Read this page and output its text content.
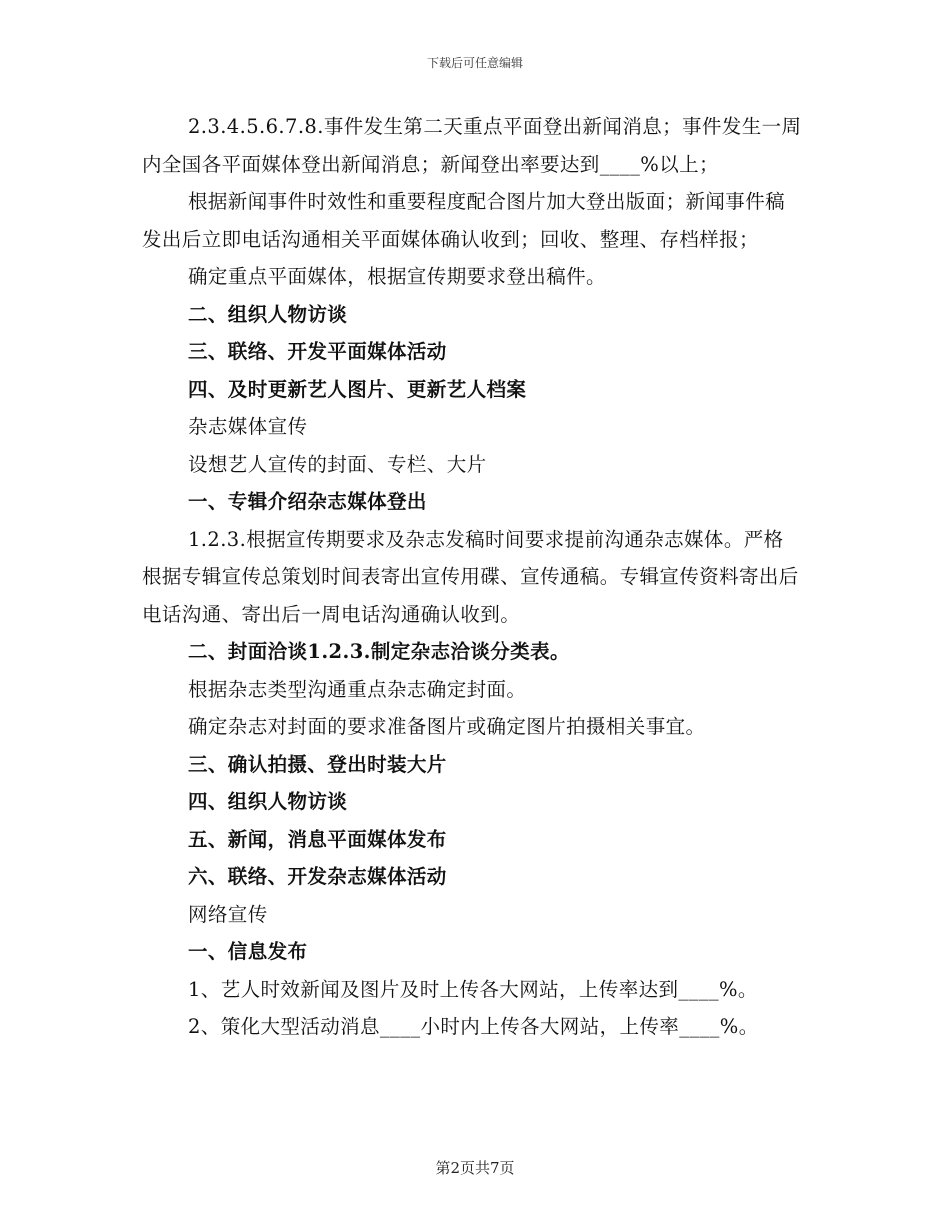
下载后可任意编辑

2.3.4.5.6.7.8.事件发生第二天重点平面登出新闻消息；事件发生一周内全国各平面媒体登出新闻消息；新闻登出率要达到____%以上；

根据新闻事件时效性和重要程度配合图片加大登出版面；新闻事件稿发出后立即电话沟通相关平面媒体确认收到；回收、整理、存档样报；

确定重点平面媒体，根据宣传期要求登出稿件。

二、组织人物访谈

三、联络、开发平面媒体活动

四、及时更新艺人图片、更新艺人档案

杂志媒体宣传

设想艺人宣传的封面、专栏、大片

一、专辑介绍杂志媒体登出

1.2.3.根据宣传期要求及杂志发稿时间要求提前沟通杂志媒体。严格根据专辑宣传总策划时间表寄出宣传用碟、宣传通稿。专辑宣传资料寄出后电话沟通、寄出后一周电话沟通确认收到。

二、封面洽谈1.2.3.制定杂志洽谈分类表。

根据杂志类型沟通重点杂志确定封面。

确定杂志对封面的要求准备图片或确定图片拍摄相关事宜。

三、确认拍摄、登出时装大片

四、组织人物访谈

五、新闻，消息平面媒体发布

六、联络、开发杂志媒体活动

网络宣传

一、信息发布

1、艺人时效新闻及图片及时上传各大网站，上传率达到____%。

2、策化大型活动消息____小时内上传各大网站，上传率____%。

第2页共7页
